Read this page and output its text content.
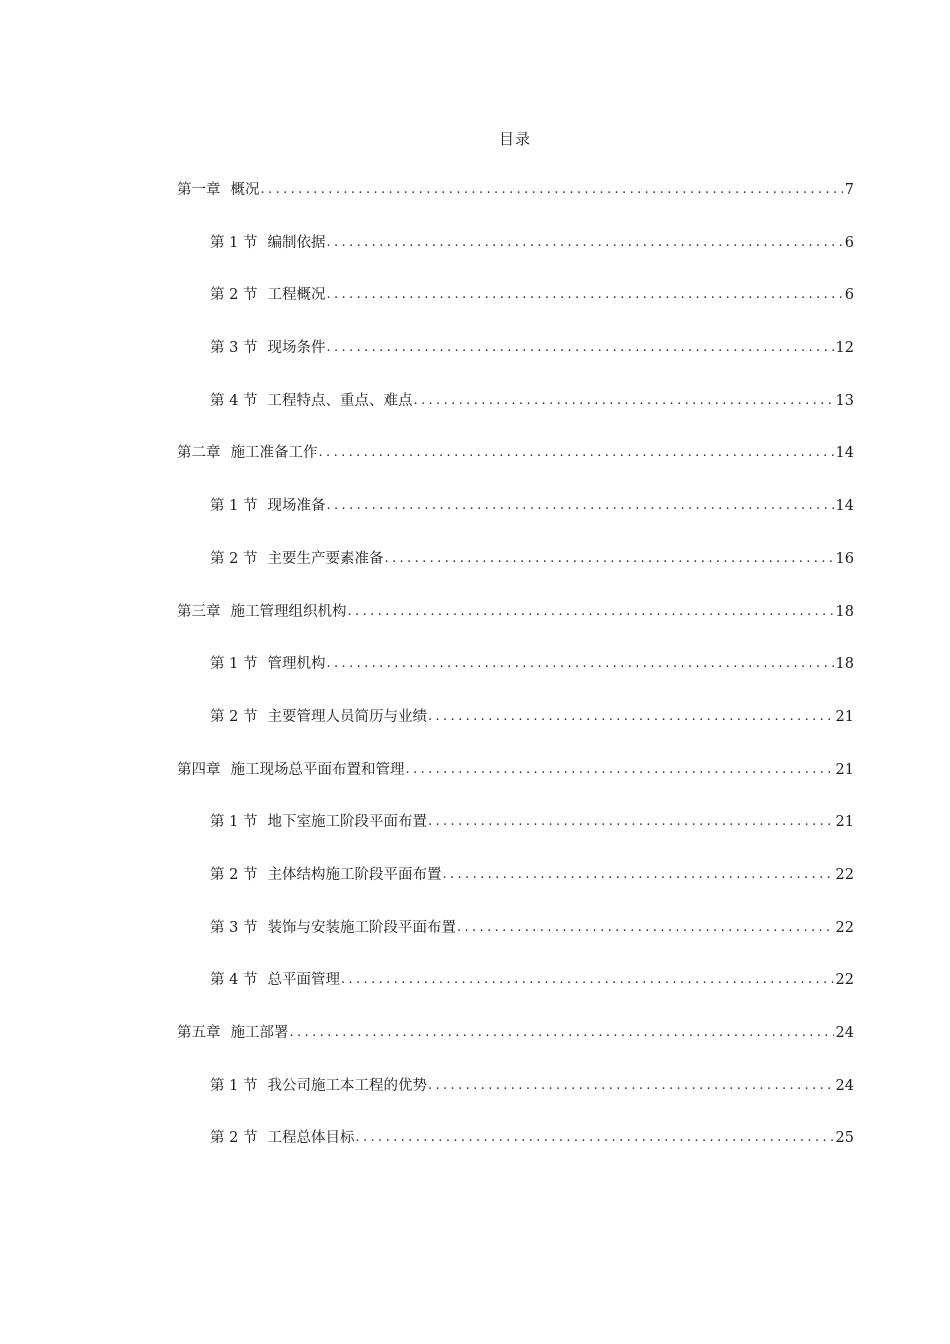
目录
第一章 概况 .....	7
第 1 节 编制依据 .....	6
第 2 节 工程概况 .....	6
第 3 节 现场条件 .....	12
第 4 节 工程特点、重点、难点 .....	13
第二章 施工准备工作 .....	14
第 1 节 现场准备 .....	14
第 2 节 主要生产要素准备 .....	16
第三章 施工管理组织机构 .....	18
第 1 节 管理机构 .....	18
第 2 节 主要管理人员简历与业绩 .....	21
第四章 施工现场总平面布置和管理 .....	21
第 1 节 地下室施工阶段平面布置 .....	21
第 2 节 主体结构施工阶段平面布置 .....	22
第 3 节 装饰与安装施工阶段平面布置 .....	22
第 4 节 总平面管理 .....	22
第五章 施工部署 .....	24
第 1 节 我公司施工本工程的优势 .....	24
第 2 节 工程总体目标 .....	25
